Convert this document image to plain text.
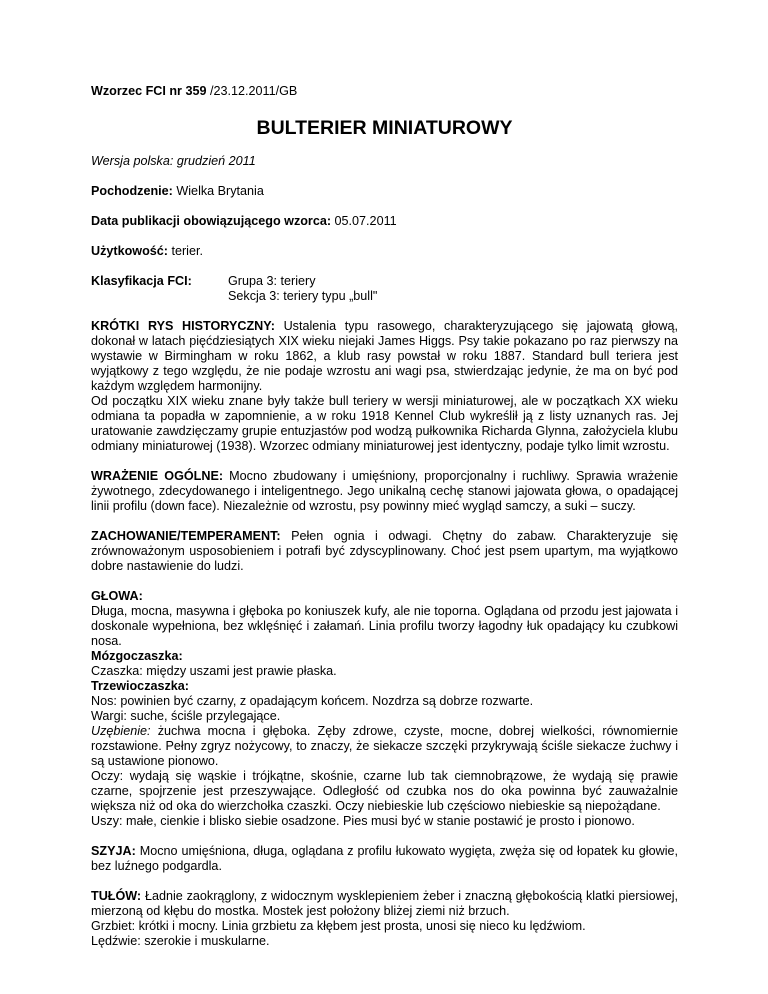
Wzorzec FCI nr 359 /23.12.2011/GB
BULTERIER MINIATUROWY

Wersja polska: grudzień 2011

Pochodzenie: Wielka Brytania

Data publikacji obowiązującego wzorca: 05.07.2011

Użytkowość: terier.

Klasyfikacja FCI:	Grupa 3: teriery
Sekcja 3: teriery typu „bull"

KRÓTKI RYS HISTORYCZNY: Ustalenia typu rasowego, charakteryzującego się jajowatą głową, dokonał w latach pięćdziesiątych XIX wieku niejaki James Higgs. Psy takie pokazano po raz pierwszy na wystawie w Birmingham w roku 1862, a klub rasy powstał w roku 1887. Standard bull teriera jest wyjątkowy z tego względu, że nie podaje wzrostu ani wagi psa, stwierdzając jedynie, że ma on być pod każdym względem harmonijny.

Od początku XIX wieku znane były także bull teriery w wersji miniaturowej, ale w początkach XX wieku odmiana ta popadła w zapomnienie, a w roku 1918 Kennel Club wykreślił ją z listy uznanych ras. Jej uratowanie zawdzięczamy grupie entuzjastów pod wodzą pułkownika Richarda Glynna, założyciela klubu odmiany miniaturowej (1938). Wzorzec odmiany miniaturowej jest identyczny, podaje tylko limit wzrostu.

WRAŻENIE OGÓLNE: Mocno zbudowany i umięśniony, proporcjonalny i ruchliwy. Sprawia wrażenie żywotnego, zdecydowanego i inteligentnego. Jego unikalną cechę stanowi jajowata głowa, o opadającej linii profilu (down face). Niezależnie od wzrostu, psy powinny mieć wygląd samczy, a suki – suczy.

ZACHOWANIE/TEMPERAMENT: Pełen ognia i odwagi. Chętny do zabaw. Charakteryzuje się zrównoważonym usposobieniem i potrafi być zdyscyplinowany. Choć jest psem upartym, ma wyjątkowo dobre nastawienie do ludzi.

GŁOWA:

Długa, mocna, masywna i głęboka po koniuszek kufy, ale nie toporna. Oglądana od przodu jest jajowata i doskonale wypełniona, bez wklęśnięć i załamań. Linia profilu tworzy łagodny łuk opadający ku czubkowi nosa.

Mózgoczaszka:

Czaszka: między uszami jest prawie płaska.

Trzewioczaszka:

Nos: powinien być czarny, z opadającym końcem. Nozdrza są dobrze rozwarte.

Wargi: suche, ściśle przylegające.

Uzębienie: żuchwa mocna i głęboka. Zęby zdrowe, czyste, mocne, dobrej wielkości, równomiernie rozstawione. Pełny zgryz nożycowy, to znaczy, że siekacze szczęki przykrywają ściśle siekacze żuchwy i są ustawione pionowo.

Oczy: wydają się wąskie i trójkątne, skośnie, czarne lub tak ciemnobrązowe, że wydają się prawie czarne, spojrzenie jest przeszywające. Odległość od czubka nos do oka powinna być zauważalnie większa niż od oka do wierzchołka czaszki. Oczy niebieskie lub częściowo niebieskie są niepożądane.

Uszy: małe, cienkie i blisko siebie osadzone. Pies musi być w stanie postawić je prosto i pionowo.

SZYJA: Mocno umięśniona, długa, oglądana z profilu łukowato wygięta, zwęża się od łopatek ku głowie, bez luźnego podgardla.

TUŁÓW: Ładnie zaokrąglony, z widocznym wysklepieniem żeber i znaczną głębokością klatki piersiowej, mierzoną od kłębu do mostka. Mostek jest położony bliżej ziemi niż brzuch.

Grzbiet: krótki i mocny. Linia grzbietu za kłębem jest prosta, unosi się nieco ku lędźwiom.

Lędźwie: szerokie i muskularne.
